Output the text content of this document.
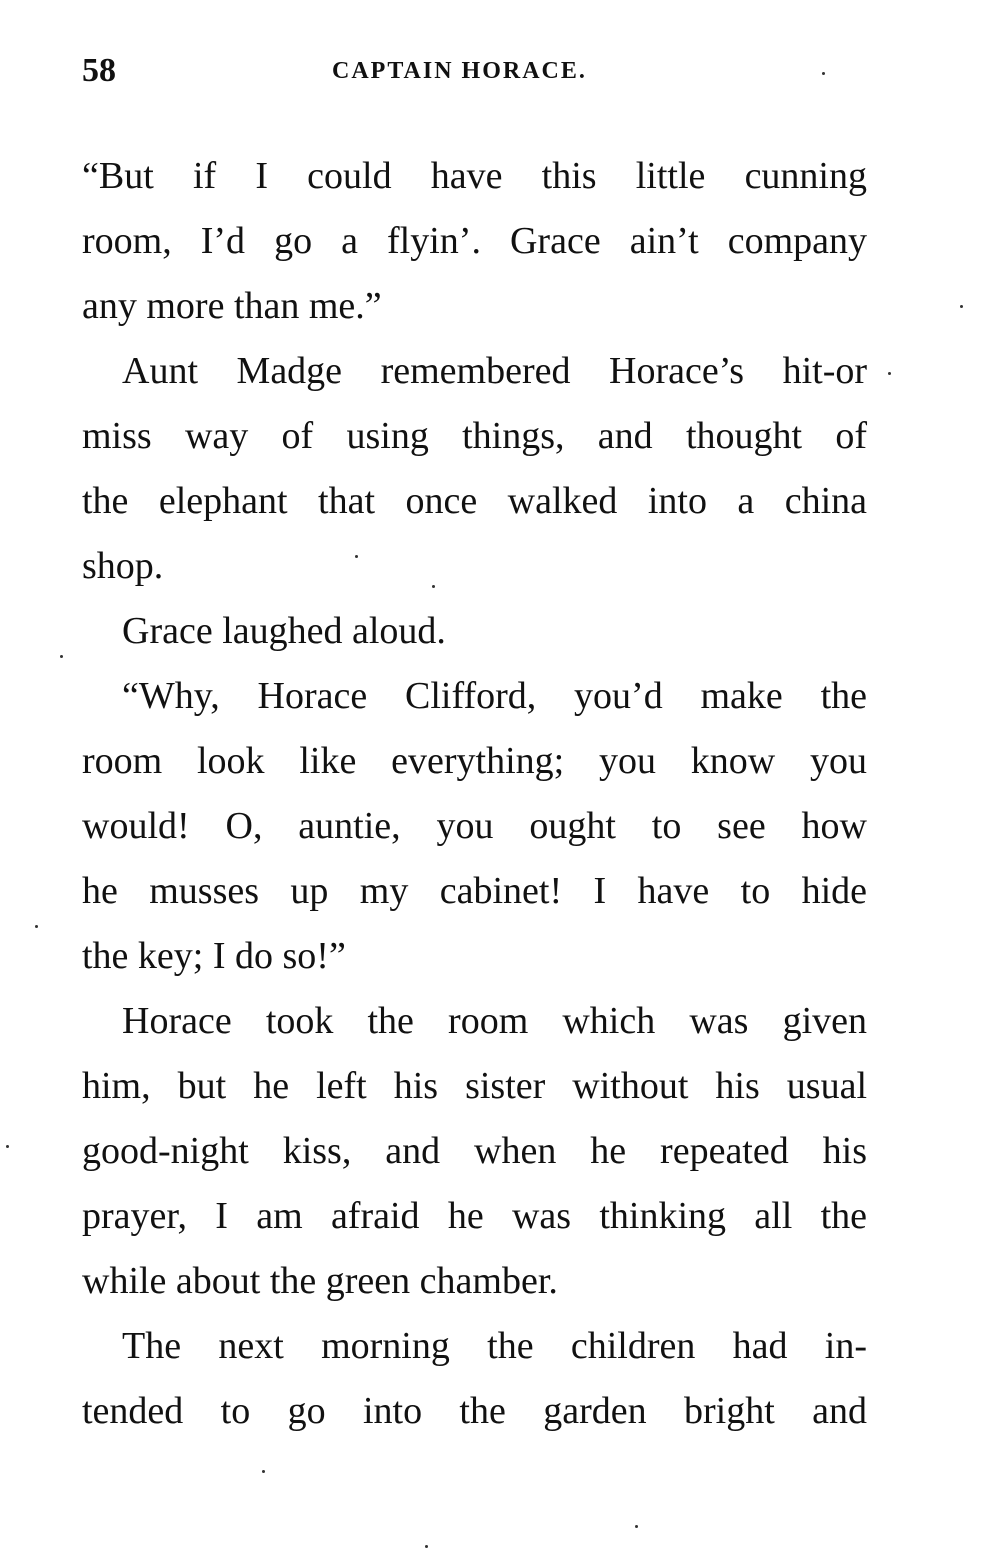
58	CAPTAIN HORACE.
“But if I could have this little cunning
room, I’d go a flyin’. Grace ain’t company
any more than me.”
Aunt Madge remembered Horace’s hit-or
miss way of using things, and thought of
the elephant that once walked into a china
shop.
Grace laughed aloud.
“Why, Horace Clifford, you’d make the
room look like everything; you know you
would! O, auntie, you ought to see how
he musses up my cabinet! I have to hide
the key; I do so!”
Horace took the room which was given
him, but he left his sister without his usual
good-night kiss, and when he repeated his
prayer, I am afraid he was thinking all the
while about the green chamber.
The next morning the children had in-
tended to go into the garden bright and
